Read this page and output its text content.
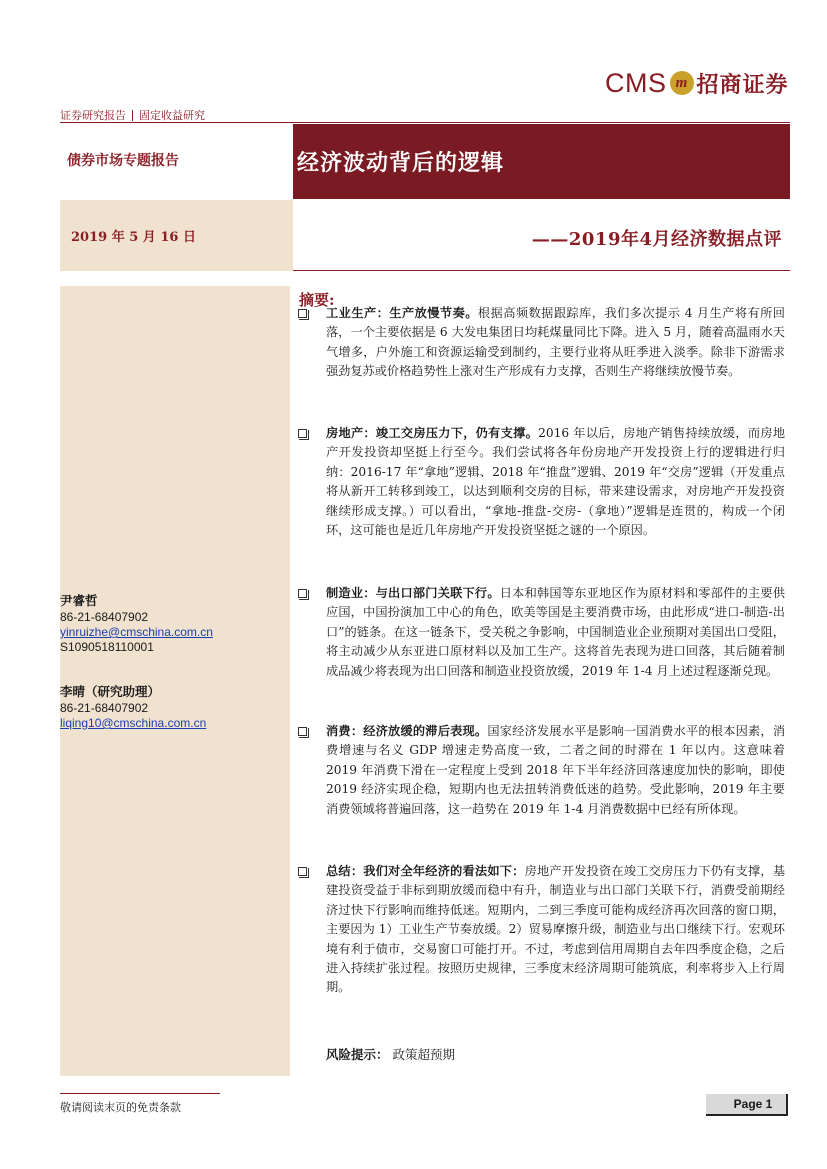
CMS m 招商证券
证券研究报告 固定收益研究
债券市场专题报告	经济波动背后的逻辑
2019 年 5 月 16 日	——2019年4月经济数据点评
尹睿哲
86-21-68407902
yinruizhe@cmschina.com.cn
S1090518110001
李晴（研究助理）
86-21-68407902
liqing10@cmschina.com.cn
摘要:

工业生产：生产放慢节奏。根据高频数据跟踪库，我们多次提示 4 月生产将有所回落，一个主要依据是 6 大发电集团日均耗煤量同比下降。进入 5 月，随着高温雨水天气增多，户外施工和资源运输受到制约，主要行业将从旺季进入淡季。除非下游需求强劲复苏或价格趋势性上涨对生产形成有力支撑，否则生产将继续放慢节奏。

房地产：竣工交房压力下，仍有支撑。2016 年以后，房地产销售持续放缓，而房地产开发投资却坚挺上行至今。我们尝试将各年份房地产开发投资上行的逻辑进行归纳：2016-17 年“拿地”逻辑、2018 年“推盘”逻辑、2019 年“交房”逻辑（开发重点将从新开工转移到竣工，以达到顺利交房的目标，带来建设需求，对房地产开发投资继续形成支撑。）可以看出，“拿地-推盘-交房-（拿地）”逻辑是连贯的，构成一个闭环，这可能也是近几年房地产开发投资坚挺之谜的一个原因。

制造业：与出口部门关联下行。日本和韩国等东亚地区作为原材料和零部件的主要供应国，中国扮演加工中心的角色，欧美等国是主要消费市场，由此形成“进口-制造-出口”的链条。在这一链条下，受关税之争影响，中国制造业企业预期对美国出口受阻，将主动减少从东亚进口原材料以及加工生产。这将首先表现为进口回落，其后随着制成品减少将表现为出口回落和制造业投资放缓，2019 年 1-4 月上述过程逐渐兑现。

消费：经济放缓的滞后表现。国家经济发展水平是影响一国消费水平的根本因素，消费增速与名义 GDP 增速走势高度一致，二者之间的时滞在 1 年以内。这意味着 2019 年消费下滑在一定程度上受到 2018 年下半年经济回落速度加快的影响，即使 2019 经济实现企稳，短期内也无法扭转消费低迷的趋势。受此影响，2019 年主要消费领域将普遍回落，这一趋势在 2019 年 1-4 月消费数据中已经有所体现。

总结：我们对全年经济的看法如下：房地产开发投资在竣工交房压力下仍有支撑，基建投资受益于非标到期放缓而稳中有升，制造业与出口部门关联下行，消费受前期经济过快下行影响而维持低迷。短期内，二到三季度可能构成经济再次回落的窗口期，主要因为 1）工业生产节奏放缓。2）贸易摩擦升级，制造业与出口继续下行。宏观环境有利于债市，交易窗口可能打开。不过，考虑到信用周期自去年四季度企稳，之后进入持续扩张过程。按照历史规律，三季度末经济周期可能筑底，利率将步入上行周期。

风险提示： 政策超预期
敬请阅读末页的免责条款	Page 1
